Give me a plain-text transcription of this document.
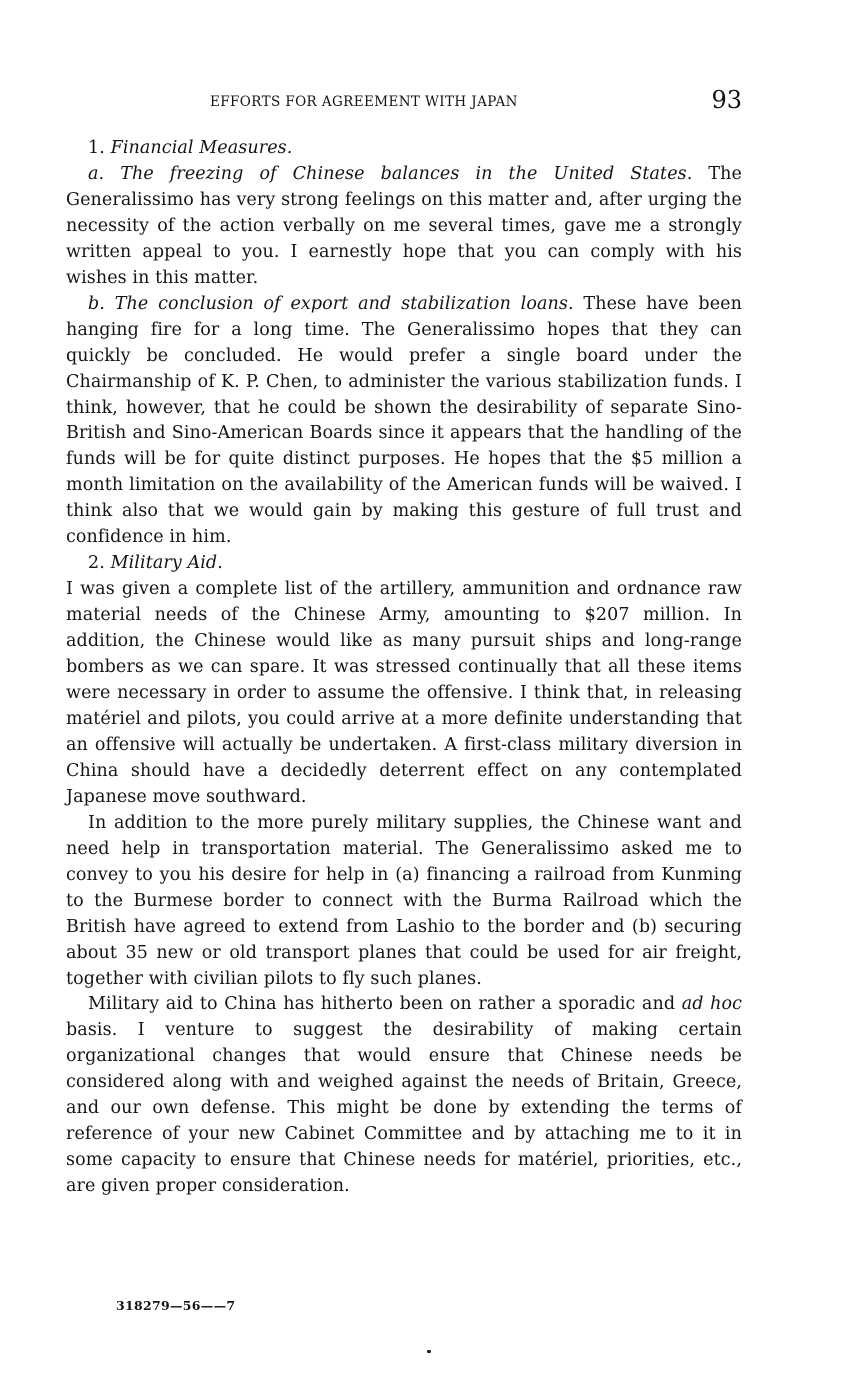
EFFORTS FOR AGREEMENT WITH JAPAN	93

1. Financial Measures.

a. The freezing of Chinese balances in the United States. The Generalissimo has very strong feelings on this matter and, after urging the necessity of the action verbally on me several times, gave me a strongly written appeal to you. I earnestly hope that you can comply with his wishes in this matter.

b. The conclusion of export and stabilization loans. These have been hanging fire for a long time. The Generalissimo hopes that they can quickly be concluded. He would prefer a single board under the Chairmanship of K. P. Chen, to administer the various stabilization funds. I think, however, that he could be shown the desirability of separate Sino-British and Sino-American Boards since it appears that the handling of the funds will be for quite distinct purposes. He hopes that the $5 million a month limitation on the availability of the American funds will be waived. I think also that we would gain by making this gesture of full trust and confidence in him.

2. Military Aid.

I was given a complete list of the artillery, ammunition and ordnance raw material needs of the Chinese Army, amounting to $207 million. In addition, the Chinese would like as many pursuit ships and long-range bombers as we can spare. It was stressed continually that all these items were necessary in order to assume the offensive. I think that, in releasing matériel and pilots, you could arrive at a more definite understanding that an offensive will actually be undertaken. A first-class military diversion in China should have a decidedly deterrent effect on any contemplated Japanese move southward.

In addition to the more purely military supplies, the Chinese want and need help in transportation material. The Generalissimo asked me to convey to you his desire for help in (a) financing a railroad from Kunming to the Burmese border to connect with the Burma Railroad which the British have agreed to extend from Lashio to the border and (b) securing about 35 new or old transport planes that could be used for air freight, together with civilian pilots to fly such planes.

Military aid to China has hitherto been on rather a sporadic and ad hoc basis. I venture to suggest the desirability of making certain organizational changes that would ensure that Chinese needs be considered along with and weighed against the needs of Britain, Greece, and our own defense. This might be done by extending the terms of reference of your new Cabinet Committee and by attaching me to it in some capacity to ensure that Chinese needs for matériel, priorities, etc., are given proper consideration.

318279—56——7
